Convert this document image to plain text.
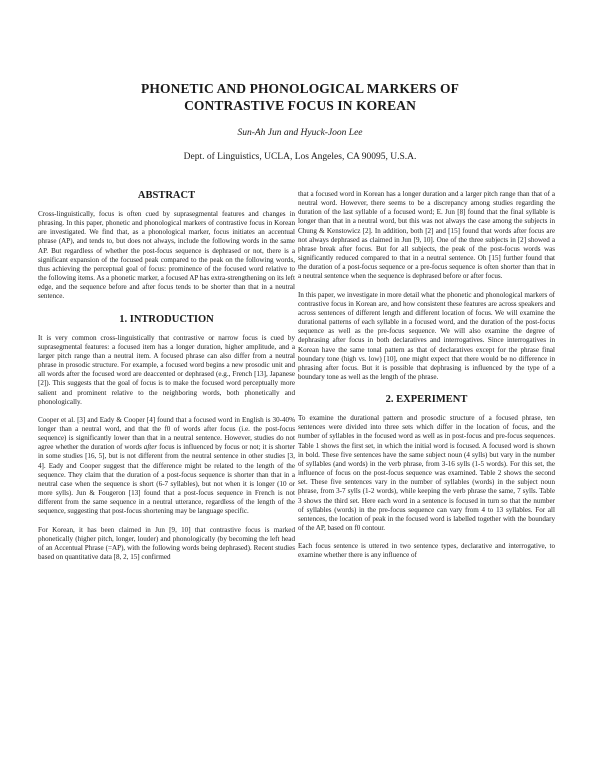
PHONETIC AND PHONOLOGICAL MARKERS OF
CONTRASTIVE FOCUS IN KOREAN
Sun-Ah Jun and Hyuck-Joon Lee
Dept. of Linguistics, UCLA, Los Angeles, CA 90095, U.S.A.
ABSTRACT

Cross-linguistically, focus is often cued by suprasegmental features and changes in phrasing. In this paper, phonetic and phonological markers of contrastive focus in Korean are investigated. We find that, as a phonological marker, focus initiates an accentual phrase (AP), and tends to, but does not always, include the following words in the same AP. But regardless of whether the post-focus sequence is dephrased or not, there is a significant expansion of the focused peak compared to the peak on the following words, thus achieving the perceptual goal of focus: prominence of the focused word relative to the following items. As a phonetic marker, a focused AP has extra-strengthening on its left edge, and the sequence before and after focus tends to be shorter than that in a neutral sentence.

1. INTRODUCTION

It is very common cross-linguistically that contrastive or narrow focus is cued by suprasegmental features: a focused item has a longer duration, higher amplitude, and a larger pitch range than a neutral item. A focused phrase can also differ from a neutral phrase in prosodic structure. For example, a focused word begins a new prosodic unit and all words after the focused word are deaccented or dephrased (e.g., French [13], Japanese [2]). This suggests that the goal of focus is to make the focused word perceptually more salient and prominent relative to the neighboring words, both phonetically and phonologically.

Cooper et al. [3] and Eady & Cooper [4] found that a focused word in English is 30-40% longer than a neutral word, and that the f0 of words after focus (i.e. the post-focus sequence) is significantly lower than that in a neutral sentence. However, studies do not agree whether the duration of words after focus is influenced by focus or not; it is shorter in some studies [16, 5], but is not different from the neutral sentence in other studies [3, 4]. Eady and Cooper suggest that the difference might be related to the length of the sequence. They claim that the duration of a post-focus sequence is shorter than that in a neutral case when the sequence is short (6-7 syllables), but not when it is longer (10 or more sylls). Jun & Fougeron [13] found that a post-focus sequence in French is not different from the same sequence in a neutral utterance, regardless of the length of the sequence, suggesting that post-focus shortening may be language specific.

For Korean, it has been claimed in Jun [9, 10] that contrastive focus is marked phonetically (higher pitch, longer, louder) and phonologically (by becoming the left head of an Accentual Phrase (=AP), with the following words being dephrased). Recent studies based on quantitative data [8, 2, 15] confirmed

that a focused word in Korean has a longer duration and a larger pitch range than that of a neutral word. However, there seems to be a discrepancy among studies regarding the duration of the last syllable of a focused word; E. Jun [8] found that the final syllable is longer than that in a neutral word, but this was not always the case among the subjects in Chung & Kenstowicz [2]. In addition, both [2] and [15] found that words after focus are not always dephrased as claimed in Jun [9, 10]. One of the three subjects in [2] showed a phrase break after focus. But for all subjects, the peak of the post-focus words was significantly reduced compared to that in a neutral sentence. Oh [15] further found that the duration of a post-focus sequence or a pre-focus sequence is often shorter than that in a neutral sentence when the sequence is dephrased before or after focus.

In this paper, we investigate in more detail what the phonetic and phonological markers of contrastive focus in Korean are, and how consistent these features are across speakers and across sentences of different length and different location of focus. We will examine the durational patterns of each syllable in a focused word, and the duration of the post-focus sequence as well as the pre-focus sequence. We will also examine the degree of dephrasing after focus in both declaratives and interrogatives. Since interrogatives in Korean have the same tonal pattern as that of declaratives except for the phrase final boundary tone (high vs. low) [10], one might expect that there would be no difference in phrasing after focus. But it is possible that dephrasing is influenced by the type of a boundary tone as well as the length of the phrase.

2. EXPERIMENT

To examine the durational pattern and prosodic structure of a focused phrase, ten sentences were divided into three sets which differ in the location of focus, and the number of syllables in the focused word as well as in post-focus and pre-focus sequences. Table 1 shows the first set, in which the initial word is focused. A focused word is shown in bold. These five sentences have the same subject noun (4 sylls) but vary in the number of syllables (and words) in the verb phrase, from 3-16 sylls (1-5 words). For this set, the influence of focus on the post-focus sequence was examined. Table 2 shows the second set. These five sentences vary in the number of syllables (words) in the subject noun phrase, from 3-7 sylls (1-2 words), while keeping the verb phrase the same, 7 sylls. Table 3 shows the third set. Here each word in a sentence is focused in turn so that the number of syllables (words) in the pre-focus sequence can vary from 4 to 13 syllables. For all sentences, the location of peak in the focused word is labelled together with the boundary of the AP, based on f0 contour.

Each focus sentence is uttered in two sentence types, declarative and interrogative, to examine whether there is any influence of
